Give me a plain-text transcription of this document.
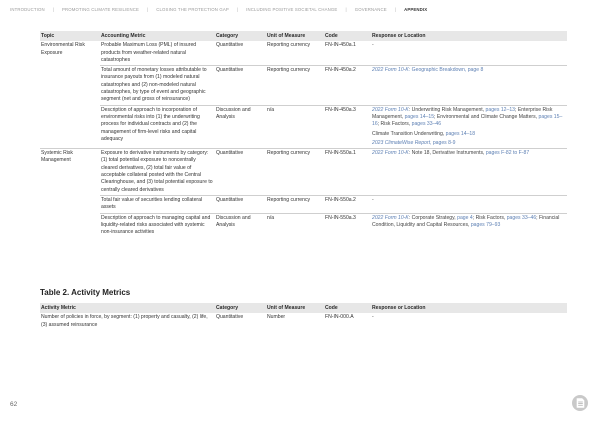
INTRODUCTION | PROMOTING CLIMATE RESILIENCE | CLOSING THE PROTECTION GAP | INCLUDING POSITIVE SOCIETAL CHANGE | GOVERNANCE | APPENDIX
Topic	Accounting Metric	Category	Unit of Measure	Code	Response or Location
Environmental Risk Exposure	Probable Maximum Loss (PML) of insured products from weather-related natural catastrophes	Quantitative	Reporting currency	FN-IN-450a.1	-

	Total amount of monetary losses attributable to insurance payouts from (1) modeled natural catastrophes and (2) non-modeled natural catastrophes, by type of event and geographic segment (net and gross of reinsurance)	Quantitative	Reporting currency	FN-IN-450a.2	2022 Form 10-K: Geographic Breakdown, page 8

	Description of approach to incorporation of environmental risks into (1) the underwriting process for individual contracts and (2) the management of firm-level risks and capital adequacy	Discussion and Analysis	n/a	FN-IN-450a.3	2022 Form 10-K: Underwriting Risk Management, pages 12–13; Enterprise Risk Management, pages 14–15; Environmental and Climate Change Matters, pages 15–16; Risk Factors, pages 33–46
Climate Transition Underwriting, pages 14–18
2023 ClimateWise Report, pages 8-9

Systemic Risk Management	Exposure to derivative instruments by category: (1) total potential exposure to noncentrally cleared derivatives, (2) total fair value of acceptable collateral posted with the Central Clearinghouse, and (3) total potential exposure to centrally cleared derivatives	Quantitative	Reporting currency	FN-IN-550a.1	2022 Form 10-K: Note 18, Derivative Instruments, pages F-82 to F-87

	Total fair value of securities lending collateral assets	Quantitative	Reporting currency	FN-IN-550a.2	-

	Description of approach to managing capital and liquidity-related risks associated with systemic non-insurance activities	Discussion and Analysis	n/a	FN-IN-550a.3	2022 Form 10-K: Corporate Strategy, page 4; Risk Factors, pages 33–46; Financial Condition, Liquidity and Capital Resources, pages 79–93
Table 2. Activity Metrics
Activity Metric	Category	Unit of Measure	Code	Response or Location
Number of policies in force, by segment: (1) property and casualty, (2) life, (3) assumed reinsurance	Quantitative	Number	FN-IN-000.A	-
62
